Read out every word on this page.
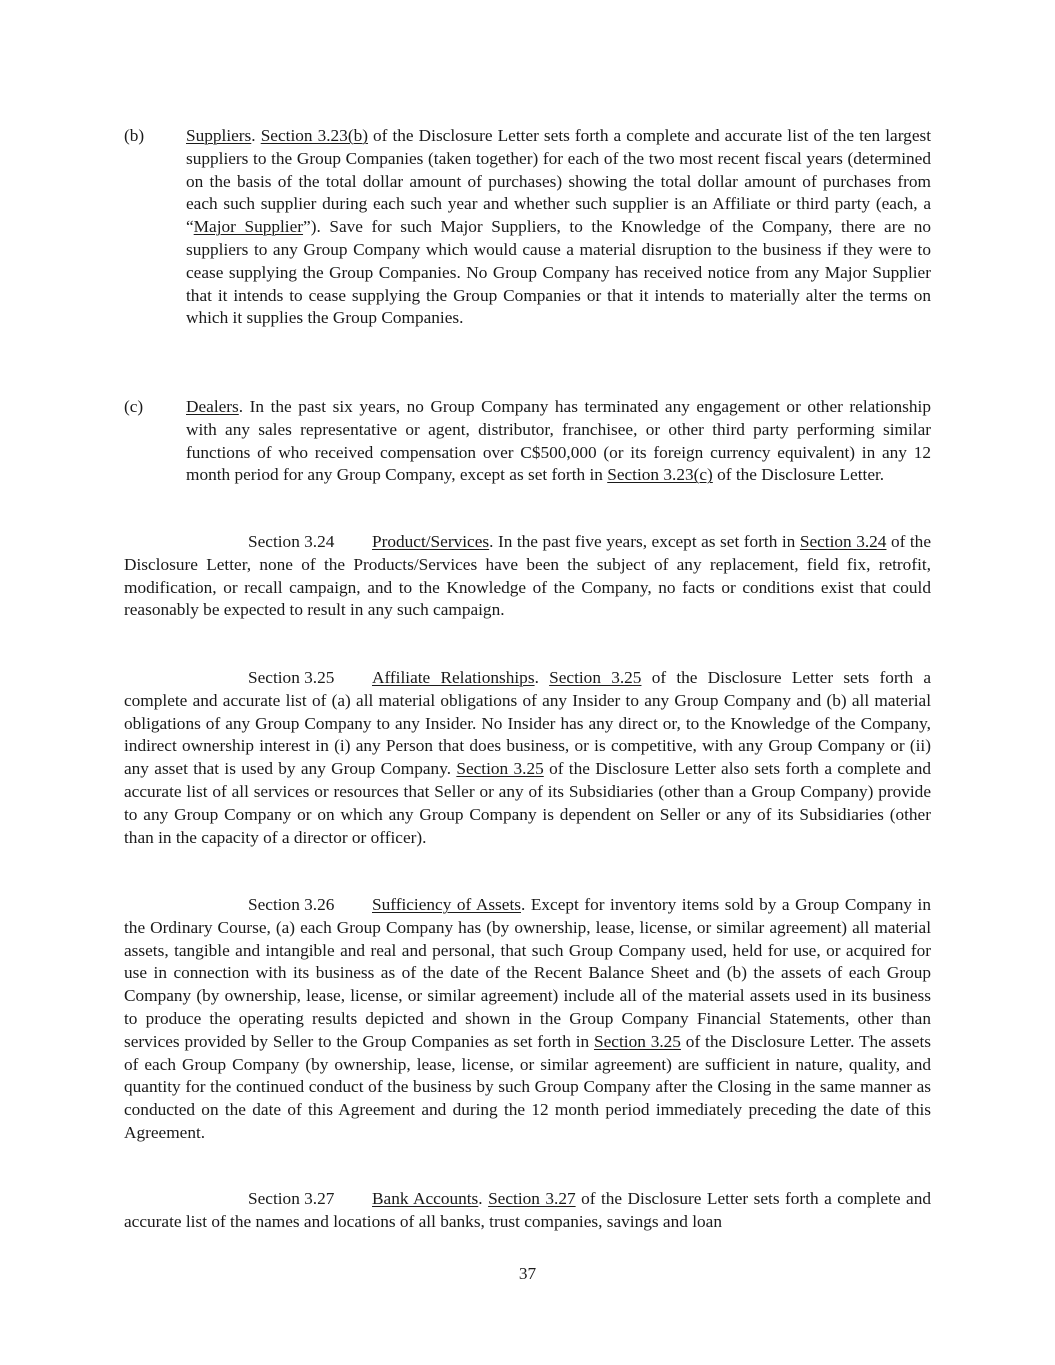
(b) Suppliers. Section 3.23(b) of the Disclosure Letter sets forth a complete and accurate list of the ten largest suppliers to the Group Companies (taken together) for each of the two most recent fiscal years (determined on the basis of the total dollar amount of purchases) showing the total dollar amount of purchases from each such supplier during each such year and whether such supplier is an Affiliate or third party (each, a “Major Supplier”). Save for such Major Suppliers, to the Knowledge of the Company, there are no suppliers to any Group Company which would cause a material disruption to the business if they were to cease supplying the Group Companies. No Group Company has received notice from any Major Supplier that it intends to cease supplying the Group Companies or that it intends to materially alter the terms on which it supplies the Group Companies.

(c) Dealers. In the past six years, no Group Company has terminated any engagement or other relationship with any sales representative or agent, distributor, franchisee, or other third party performing similar functions of who received compensation over C$500,000 (or its foreign currency equivalent) in any 12 month period for any Group Company, except as set forth in Section 3.23(c) of the Disclosure Letter.

Section 3.24 Product/Services. In the past five years, except as set forth in Section 3.24 of the Disclosure Letter, none of the Products/Services have been the subject of any replacement, field fix, retrofit, modification, or recall campaign, and to the Knowledge of the Company, no facts or conditions exist that could reasonably be expected to result in any such campaign.

Section 3.25 Affiliate Relationships. Section 3.25 of the Disclosure Letter sets forth a complete and accurate list of (a) all material obligations of any Insider to any Group Company and (b) all material obligations of any Group Company to any Insider. No Insider has any direct or, to the Knowledge of the Company, indirect ownership interest in (i) any Person that does business, or is competitive, with any Group Company or (ii) any asset that is used by any Group Company. Section 3.25 of the Disclosure Letter also sets forth a complete and accurate list of all services or resources that Seller or any of its Subsidiaries (other than a Group Company) provide to any Group Company or on which any Group Company is dependent on Seller or any of its Subsidiaries (other than in the capacity of a director or officer).

Section 3.26 Sufficiency of Assets. Except for inventory items sold by a Group Company in the Ordinary Course, (a) each Group Company has (by ownership, lease, license, or similar agreement) all material assets, tangible and intangible and real and personal, that such Group Company used, held for use, or acquired for use in connection with its business as of the date of the Recent Balance Sheet and (b) the assets of each Group Company (by ownership, lease, license, or similar agreement) include all of the material assets used in its business to produce the operating results depicted and shown in the Group Company Financial Statements, other than services provided by Seller to the Group Companies as set forth in Section 3.25 of the Disclosure Letter. The assets of each Group Company (by ownership, lease, license, or similar agreement) are sufficient in nature, quality, and quantity for the continued conduct of the business by such Group Company after the Closing in the same manner as conducted on the date of this Agreement and during the 12 month period immediately preceding the date of this Agreement.

Section 3.27 Bank Accounts. Section 3.27 of the Disclosure Letter sets forth a complete and accurate list of the names and locations of all banks, trust companies, savings and loan

37
